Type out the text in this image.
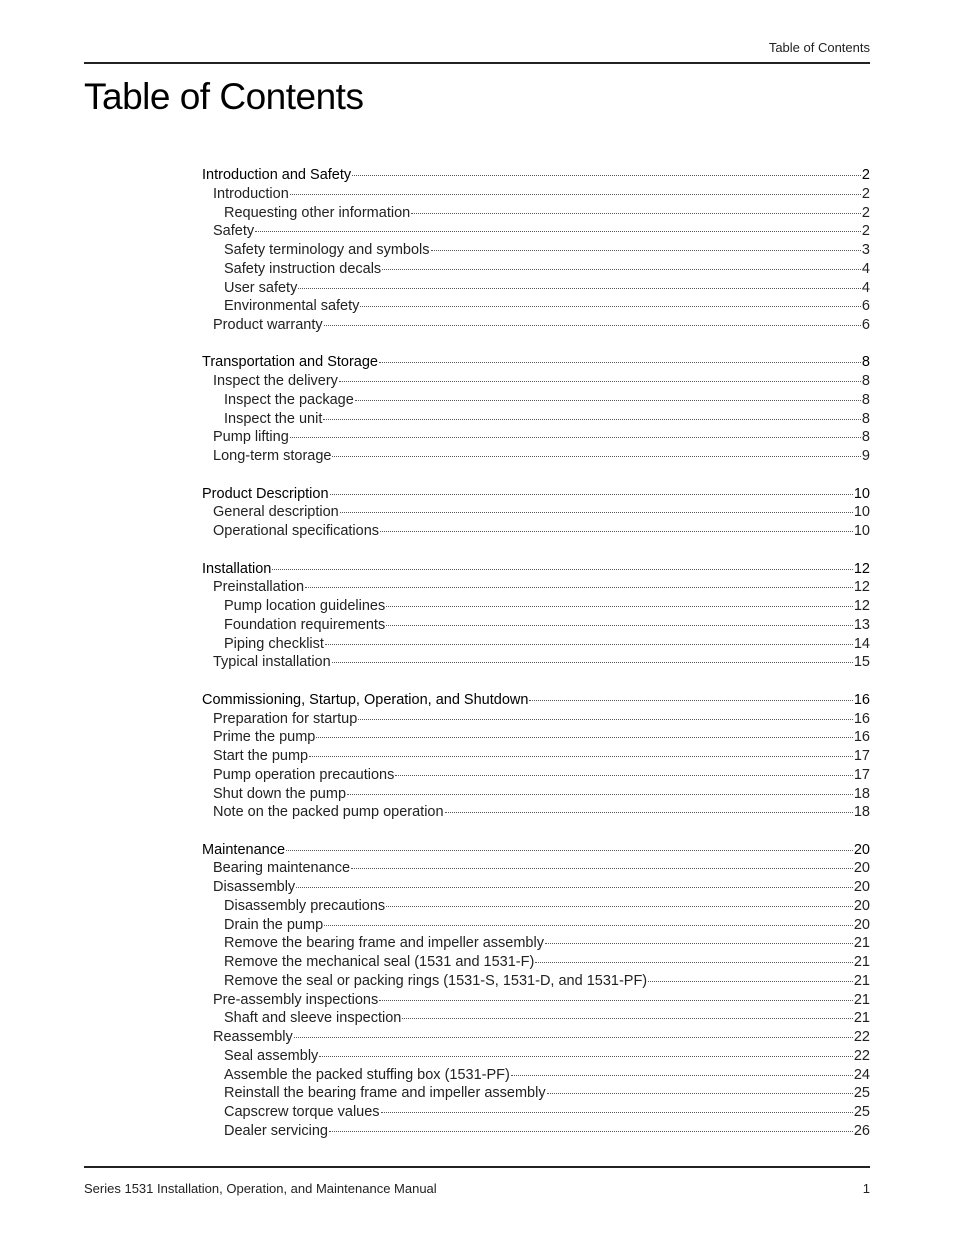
Table of Contents
Table of Contents
Introduction and Safety	2
Introduction	2
Requesting other information	2
Safety	2
Safety terminology and symbols	3
Safety instruction decals	4
User safety	4
Environmental safety	6
Product warranty	6
Transportation and Storage	8
Inspect the delivery	8
Inspect the package	8
Inspect the unit	8
Pump lifting	8
Long-term storage	9
Product Description	10
General description	10
Operational specifications	10
Installation	12
Preinstallation	12
Pump location guidelines	12
Foundation requirements	13
Piping checklist	14
Typical installation	15
Commissioning, Startup, Operation, and Shutdown	16
Preparation for startup	16
Prime the pump	16
Start the pump	17
Pump operation precautions	17
Shut down the pump	18
Note on the packed pump operation	18
Maintenance	20
Bearing maintenance	20
Disassembly	20
Disassembly precautions	20
Drain the pump	20
Remove the bearing frame and impeller assembly	21
Remove the mechanical seal (1531 and 1531-F)	21
Remove the seal or packing rings (1531-S, 1531-D, and 1531-PF)	21
Pre-assembly inspections	21
Shaft and sleeve inspection	21
Reassembly	22
Seal assembly	22
Assemble the packed stuffing box (1531-PF)	24
Reinstall the bearing frame and impeller assembly	25
Capscrew torque values	25
Dealer servicing	26
Series 1531 Installation, Operation, and Maintenance Manual	1
